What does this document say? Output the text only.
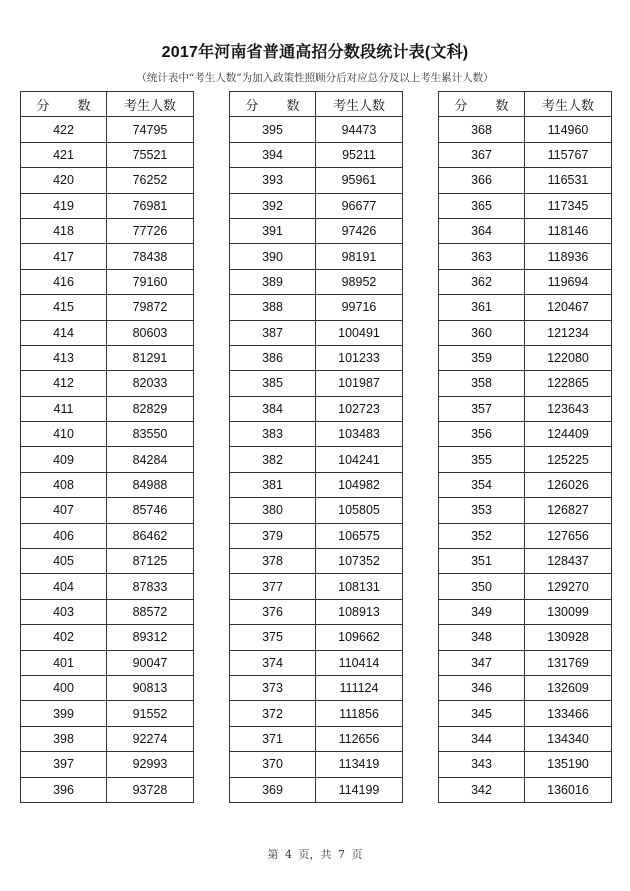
2017年河南省普通高招分数段统计表(文科)
（统计表中“考生人数”为加入政策性照顾分后对应总分及以上考生累计人数）
分 数	考生人数
422	74795
421	75521
420	76252
419	76981
418	77726
417	78438
416	79160
415	79872
414	80603
413	81291
412	82033
411	82829
410	83550
409	84284
408	84988
407	85746
406	86462
405	87125
404	87833
403	88572
402	89312
401	90047
400	90813
399	91552
398	92274
397	92993
396	93728
分 数	考生人数
395	94473
394	95211
393	95961
392	96677
391	97426
390	98191
389	98952
388	99716
387	100491
386	101233
385	101987
384	102723
383	103483
382	104241
381	104982
380	105805
379	106575
378	107352
377	108131
376	108913
375	109662
374	110414
373	111124
372	111856
371	112656
370	113419
369	114199
分 数	考生人数
368	114960
367	115767
366	116531
365	117345
364	118146
363	118936
362	119694
361	120467
360	121234
359	122080
358	122865
357	123643
356	124409
355	125225
354	126026
353	126827
352	127656
351	128437
350	129270
349	130099
348	130928
347	131769
346	132609
345	133466
344	134340
343	135190
342	136016
第 4 页，共 7 页
